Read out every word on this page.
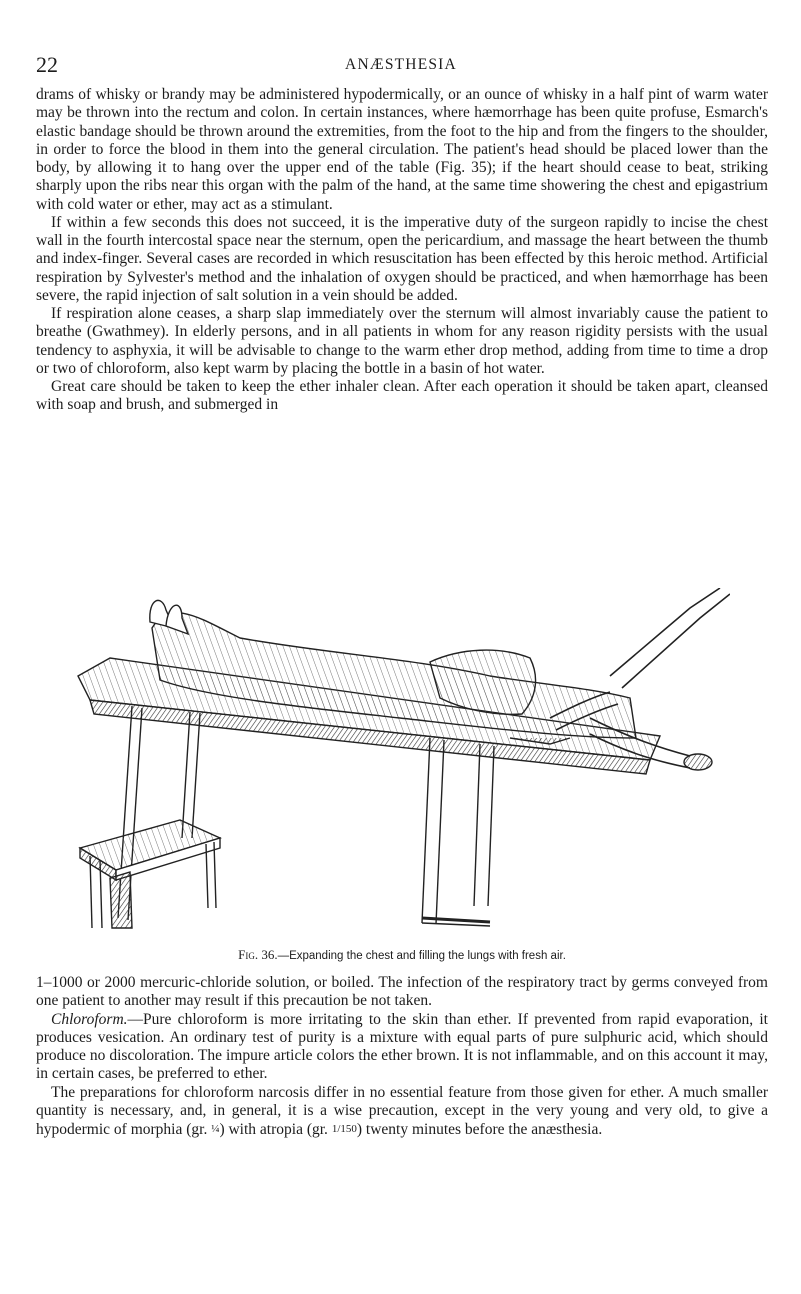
22	ANÆSTHESIA

drams of whisky or brandy may be administered hypodermically, or an ounce of whisky in a half pint of warm water may be thrown into the rectum and colon. In certain instances, where hæmorrhage has been quite profuse, Esmarch's elastic bandage should be thrown around the extremities, from the foot to the hip and from the fingers to the shoulder, in order to force the blood in them into the general circulation. The patient's head should be placed lower than the body, by allowing it to hang over the upper end of the table (Fig. 35); if the heart should cease to beat, striking sharply upon the ribs near this organ with the palm of the hand, at the same time showering the chest and epigastrium with cold water or ether, may act as a stimulant.

If within a few seconds this does not succeed, it is the imperative duty of the surgeon rapidly to incise the chest wall in the fourth intercostal space near the sternum, open the pericardium, and massage the heart between the thumb and index-finger. Several cases are recorded in which resuscitation has been effected by this heroic method. Artificial respiration by Sylvester's method and the inhalation of oxygen should be practiced, and when hæmorrhage has been severe, the rapid injection of salt solution in a vein should be added.

If respiration alone ceases, a sharp slap immediately over the sternum will almost invariably cause the patient to breathe (Gwathmey). In elderly persons, and in all patients in whom for any reason rigidity persists with the usual tendency to asphyxia, it will be advisable to change to the warm ether drop method, adding from time to time a drop or two of chloroform, also kept warm by placing the bottle in a basin of hot water.

Great care should be taken to keep the ether inhaler clean. After each operation it should be taken apart, cleansed with soap and brush, and submerged in

Fig. 36.—Expanding the chest and filling the lungs with fresh air.

1–1000 or 2000 mercuric-chloride solution, or boiled. The infection of the respiratory tract by germs conveyed from one patient to another may result if this precaution be not taken.

Chloroform.—Pure chloroform is more irritating to the skin than ether. If prevented from rapid evaporation, it produces vesication. An ordinary test of purity is a mixture with equal parts of pure sulphuric acid, which should produce no discoloration. The impure article colors the ether brown. It is not inflammable, and on this account it may, in certain cases, be preferred to ether.

The preparations for chloroform narcosis differ in no essential feature from those given for ether. A much smaller quantity is necessary, and, in general, it is a wise precaution, except in the very young and very old, to give a hypodermic of morphia (gr. ¼) with atropia (gr. 1/150) twenty minutes before the anæsthesia.
